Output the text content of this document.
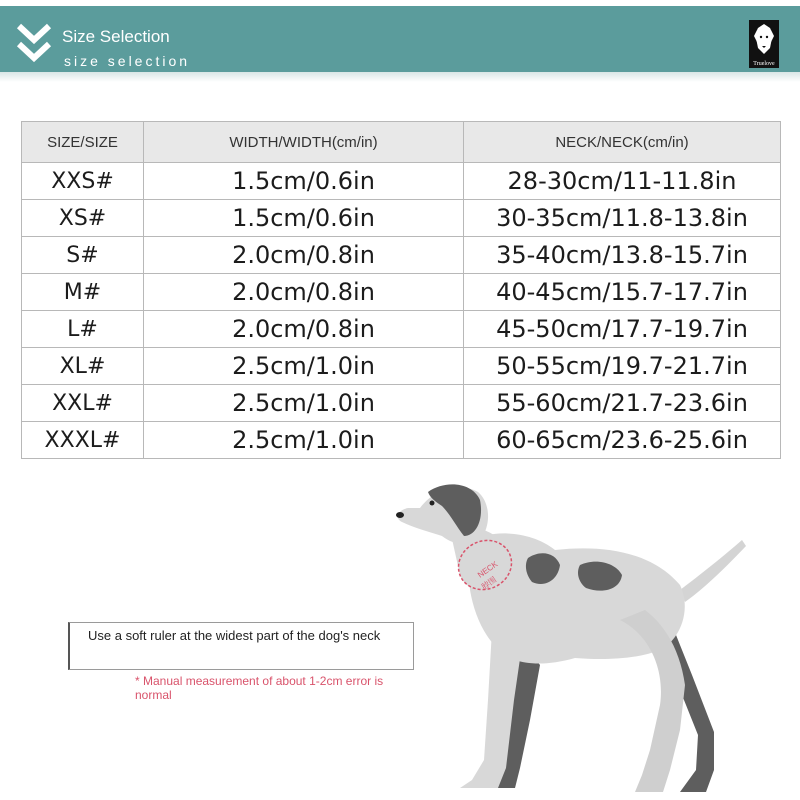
Size Selection
size selection	Truelove
SIZE/SIZE	WIDTH/WIDTH(cm/in)	NECK/NECK(cm/in)
XXS#	1.5cm/0.6in	28-30cm/11-11.8in
XS#	1.5cm/0.6in	30-35cm/11.8-13.8in
S#	2.0cm/0.8in	35-40cm/13.8-15.7in
M#	2.0cm/0.8in	40-45cm/15.7-17.7in
L#	2.0cm/0.8in	45-50cm/17.7-19.7in
XL#	2.5cm/1.0in	50-55cm/19.7-21.7in
XXL#	2.5cm/1.0in	55-60cm/21.7-23.6in
XXXL#	2.5cm/1.0in	60-65cm/23.6-25.6in
Use a soft ruler at the widest part of the dog's neck
* Manual measurement of about 1-2cm error is normal
NECK
脖围
